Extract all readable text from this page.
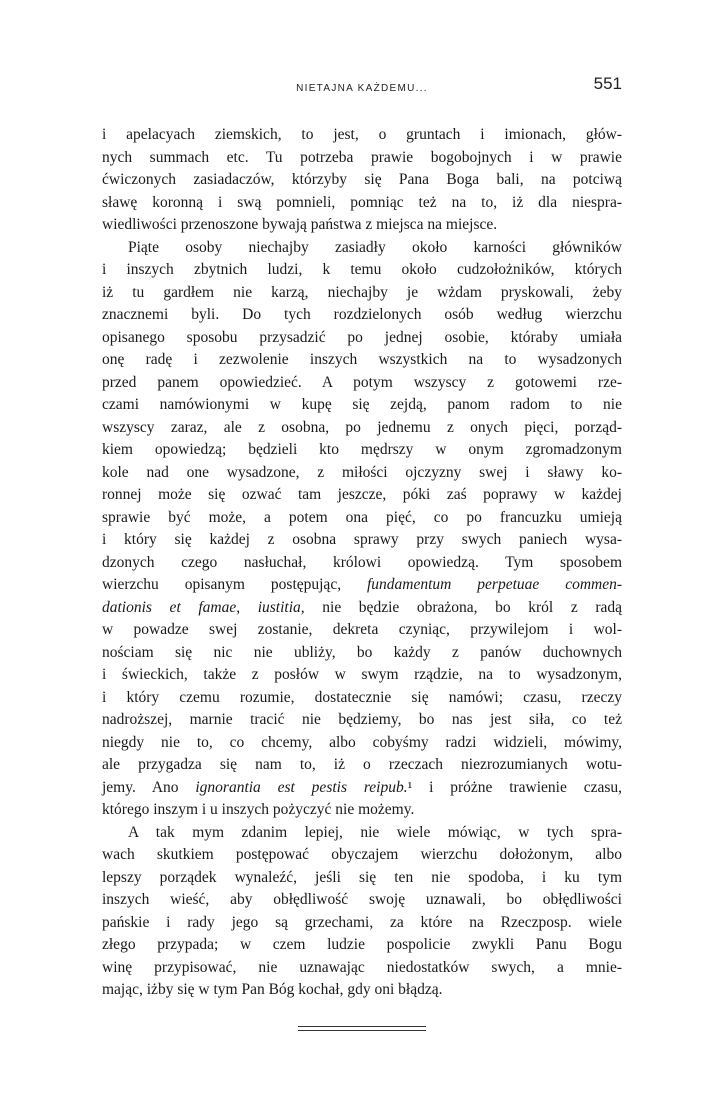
NIETAJNA KAŻDEMU...	551

i apelacyach ziemskich, to jest, o gruntach i imionach, głów-
nych summach etc. Tu potrzeba prawie bogobojnych i w prawie
ćwiczonych zasiadaczów, którzyby się Pana Boga bali, na potciwą
sławę koronną i swą pomnieli, pomniąc też na to, iż dla niespra-
wiedliwości przenoszone bywają państwa z miejsca na miejsce.

Piąte osoby niechajby zasiadły około karności główników
i inszych zbytnich ludzi, k temu około cudzołożników, których
iż tu gardłem nie karzą, niechajby je wżdam pryskowali, żeby
znacznemi byli. Do tych rozdzielonych osób według wierzchu
opisanego sposobu przysadzić po jednej osobie, któraby umiała
onę radę i zezwolenie inszych wszystkich na to wysadzonych
przed panem opowiedzieć. A potym wszyscy z gotowemi rze-
czami namówionymi w kupę się zejdą, panom radom to nie
wszyscy zaraz, ale z osobna, po jednemu z onych pięci, porząd-
kiem opowiedzą; będzieli kto mędrszy w onym zgromadzonym
kole nad one wysadzone, z miłości ojczyzny swej i sławy ko-
ronnej może się ozwać tam jeszcze, póki zaś poprawy w każdej
sprawie być może, a potem ona pięć, co po francuzku umieją
i który się każdej z osobna sprawy przy swych paniech wysa-
dzonych czego nasłuchał, królowi opowiedzą. Tym sposobem
wierzchu opisanym postępując, fundamentum perpetuae commen-
dationis et famae, iustitia, nie będzie obrażona, bo król z radą
w powadze swej zostanie, dekreta czyniąc, przywilejom i wol-
nościam się nic nie ubliży, bo każdy z panów duchownych
i świeckich, także z posłów w swym rządzie, na to wysadzonym,
i który czemu rozumie, dostatecznie się namówi; czasu, rzeczy
nadroższej, marnie tracić nie będziemy, bo nas jest siła, co też
niegdy nie to, co chcemy, albo cobyśmy radzi widzieli, mówimy,
ale przygadza się nam to, iż o rzeczach niezrozumianych wotu-
jemy. Ano ignorantia est pestis reipub.¹ i próżne trawienie czasu,
którego inszym i u inszych pożyczyć nie możemy.

A tak mym zdanim lepiej, nie wiele mówiąc, w tych spra-
wach skutkiem postępować obyczajem wierzchu dołożonym, albo
lepszy porządek wynaleźć, jeśli się ten nie spodoba, i ku tym
inszych wieść, aby obłędliwość swoję uznawali, bo obłędliwości
pańskie i rady jego są grzechami, za które na Rzeczposp. wiele
złego przypada; w czem ludzie pospolicie zwykli Panu Bogu
winę przypisować, nie uznawając niedostatków swych, a mnie-
mając, iżby się w tym Pan Bóg kochał, gdy oni błądzą.
